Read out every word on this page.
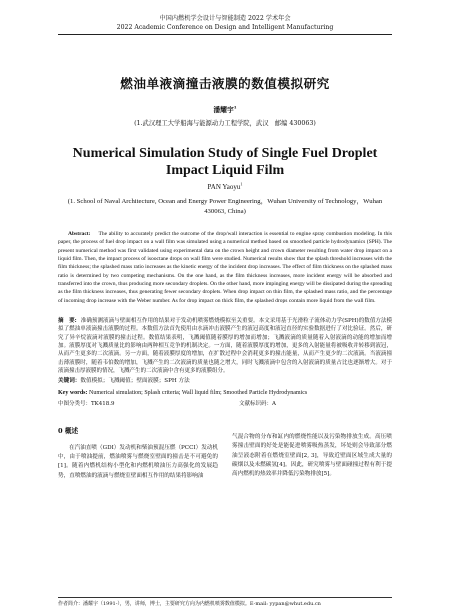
中国内燃机学会设计与智能制造 2022 学术年会
2022 Academic Conference on Design and Intelligent Manufacturing
燃油单液滴撞击液膜的数值模拟研究
潘耀宇$^1$
(1.武汉理工大学船海与能源动力工程学院，武汉　邮编 430063)
Numerical Simulation Study of Single Fuel Droplet Impact Liquid Film
PAN Yaoyu$^1$
(1. School of Naval Architecture, Ocean and Energy Power Engineering，Wuhan University of Technology，Wuhan 430063, China)
Abstract: The ability to accurately predict the outcome of the drop/wall interaction is essential to engine spray combustion modeling. In this paper, the process of fuel drop impact on a wall film was simulated using a numerical method based on smoothed particle hydrodynamics (SPH). The present numerical method was first validated using experimental data on the crown height and crown diameter resulting from water drop impact on a liquid film. Then, the impact process of isooctane drops on wall film were studied. Numerical results show that the splash threshold increases with the film thickness; the splashed mass ratio increases as the kinetic energy of the incident drop increases. The effect of film thickness on the splashed mass ratio is determined by two competing mechanisms. On the one hand, as the film thickness increases, more incident energy will be absorbed and transferred into the crown, thus producing more secondary droplets. On the other hand, more impinging energy will be dissipated during the spreading as the film thickness increases, thus generating fewer secondary droplets. When drop impact on thin film, the splashed mass ratio, and the percentage of incoming drop increase with the Weber number. As for drop impact on thick film, the splashed drops contain more liquid from the wall film.
摘　要: 准确预测液滴与壁面相互作用的结果对于发动机喷雾燃烧模拟至关重要。本文采用基于光滑粒子流体动力学(SPH)的数值方法模拟了燃油单液滴撞击液膜的过程。本数值方法首先使用由水滴冲击液膜产生的液冠高度和液冠直径的实验数据进行了对比验证。然后，研究了异辛烷液滴对液膜的撞击过程。数值结果表明，飞溅阈值随着膜厚的增加而增加；飞溅液滴的质量随着入射液滴的动能的增加而增加。液膜厚度对飞溅质量比的影响由两种相互竞争的机制决定。一方面，随着液膜厚度的增加，更多的入射能量将被吸收并转移到液冠，从而产生更多的二次液滴。另一方面，随着液膜厚度的增加，在扩散过程中会消耗更多的撞击能量，从而产生更少的二次液滴。当液滴撞击薄液膜时，随着韦伯数的增加，飞溅产生的二次液滴的质量也随之增大，同时飞溅液滴中包含的入射液滴的质量占比也逐渐增大。对于液滴撞击厚液膜的情况，飞溅产生的二次液滴中含有更多的液膜组分。
关键词：数值模拟；飞溅阈值；壁面液膜；SPH 方法
Key words: Numerical simulation; Splash criteria; Wall liquid film; Smoothed Particle Hydrodynamics
中图分类号：TK418.9	文献标识码：A
0 概述

在汽油直喷（GDI）发动机和柴油预混压燃（PCCI）发动机中，由于喷油提前，燃油喷雾与燃烧室壁面的撞击是不可避免的[1]。随着内燃机结构小型化和内燃机喷油压力高强化的发展趋势，直喷燃油的液滴与燃烧室壁面相互作用的结果将影响油

气混合物的分布和缸内的燃烧性能以及污染物排放生成。高压喷雾撞击壁面的好处是能促进喷雾吸热蒸发，坏处则会导致部分燃油呈液态附着在燃烧室壁面[2, 3]，导致近壁面区域生成大量的碳烟以及未燃碳氢[4]。因此，研究喷雾与壁面碰撞过程有利于提高内燃机的热效率并降低污染物排放[5]。

作者简介：潘耀宇（1991-），男，讲师，博士，主要研究方向为内燃机喷雾数值模拟。E-mail: yypan@whut.edu.cn
